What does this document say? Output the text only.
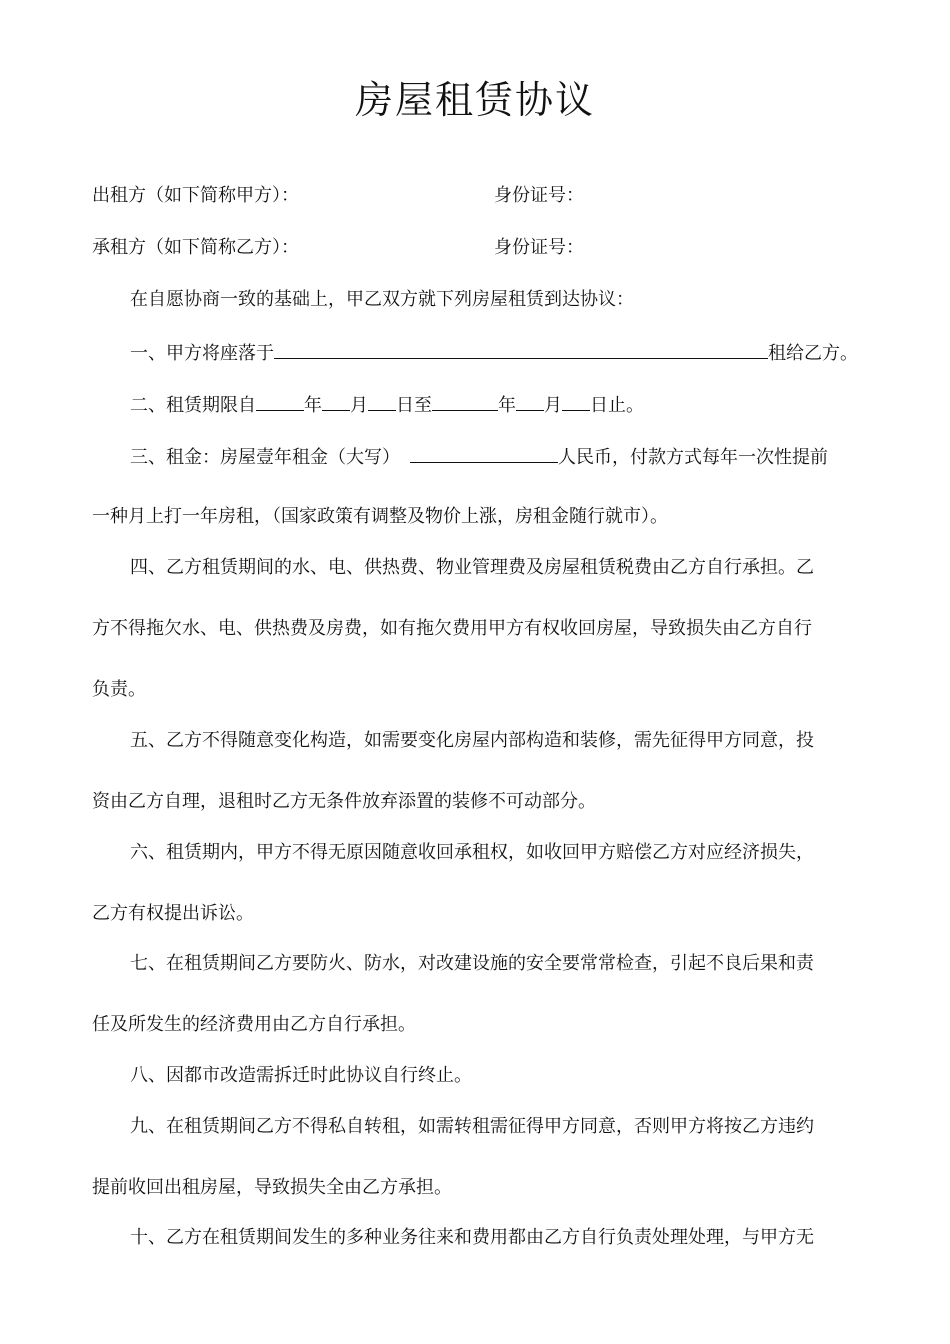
房屋租赁协议
出租方（如下简称甲方）：	身份证号：
承租方（如下简称乙方）：	身份证号：
在自愿协商一致的基础上，甲乙双方就下列房屋租赁到达协议：
一、甲方将座落于	租给乙方。
二、租赁期限自	年 月 日至	年 月 日止。
三、租金：房屋壹年租金（大写）	人民币，付款方式每年一次性提前
一种月上打一年房租，（国家政策有调整及物价上涨，房租金随行就市）。
四、乙方租赁期间的水、电、供热费、物业管理费及房屋租赁税费由乙方自行承担。乙
方不得拖欠水、电、供热费及房费，如有拖欠费用甲方有权收回房屋，导致损失由乙方自行
负责。
五、乙方不得随意变化构造，如需要变化房屋内部构造和装修，需先征得甲方同意，投
资由乙方自理，退租时乙方无条件放弃添置的装修不可动部分。
六、租赁期内，甲方不得无原因随意收回承租权，如收回甲方赔偿乙方对应经济损失，
乙方有权提出诉讼。
七、在租赁期间乙方要防火、防水，对改建设施的安全要常常检查，引起不良后果和责
任及所发生的经济费用由乙方自行承担。
八、因都市改造需拆迁时此协议自行终止。
九、在租赁期间乙方不得私自转租，如需转租需征得甲方同意，否则甲方将按乙方违约
提前收回出租房屋，导致损失全由乙方承担。
十、乙方在租赁期间发生的多种业务往来和费用都由乙方自行负责处理处理，与甲方无
